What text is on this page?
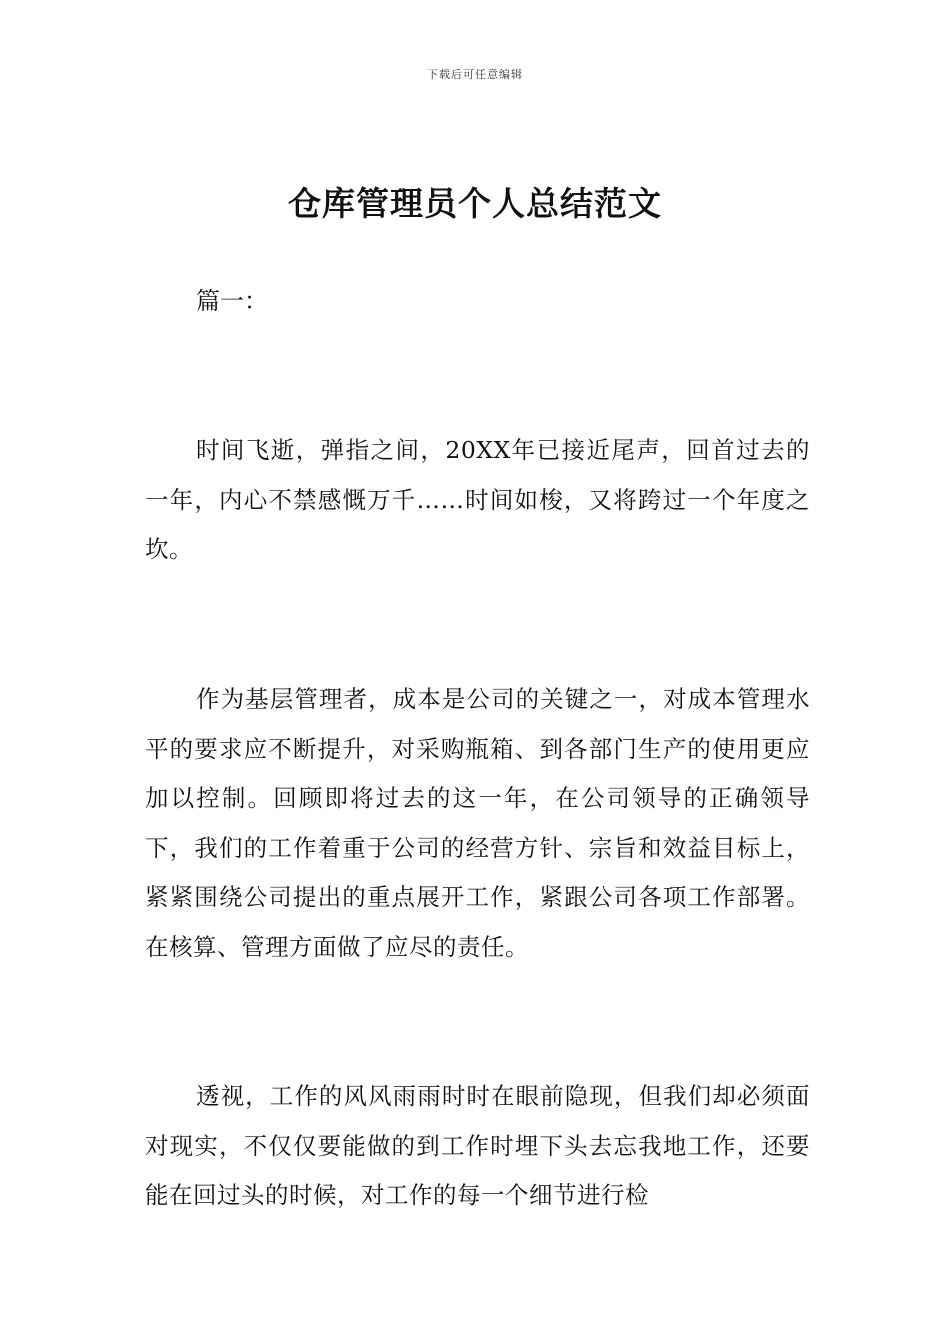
下载后可任意编辑
仓库管理员个人总结范文
篇一：

时间飞逝，弹指之间，20XX年已接近尾声，回首过去的一年，内心不禁感慨万千……时间如梭，又将跨过一个年度之坎。

作为基层管理者，成本是公司的关键之一，对成本管理水平的要求应不断提升，对采购瓶箱、到各部门生产的使用更应加以控制。回顾即将过去的这一年，在公司领导的正确领导下，我们的工作着重于公司的经营方针、宗旨和效益目标上，紧紧围绕公司提出的重点展开工作，紧跟公司各项工作部署。在核算、管理方面做了应尽的责任。

透视，工作的风风雨雨时时在眼前隐现，但我们却必须面对现实，不仅仅要能做的到工作时埋下头去忘我地工作，还要能在回过头的时候，对工作的每一个细节进行检
